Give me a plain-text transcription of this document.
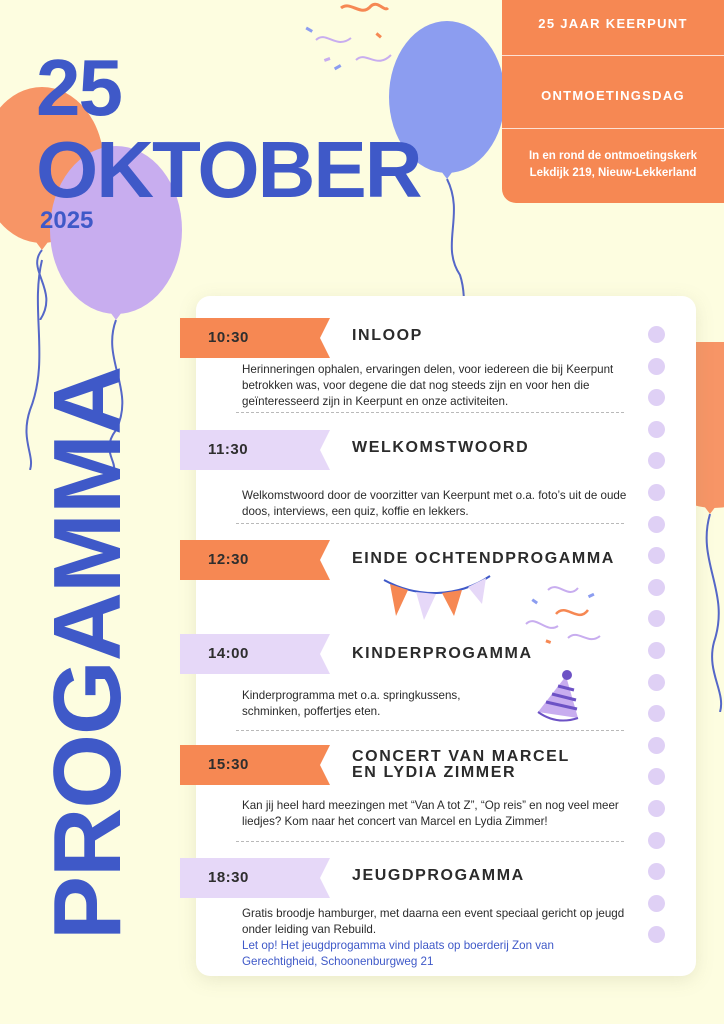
25
OKTOBER
2025
PROGAMMA
25 JAAR KEERPUNT
ONTMOETINGSDAG
In en rond de ontmoetingskerk
Lekdijk 219, Nieuw-Lekkerland
10:30	INLOOP
Herinneringen ophalen, ervaringen delen, voor iedereen die bij Keerpunt betrokken was, voor degene die dat nog steeds zijn en voor hen die geïnteresseerd zijn in Keerpunt en onze activiteiten.
11:30	WELKOMSTWOORD
Welkomstwoord door de voorzitter van Keerpunt met o.a. foto’s uit de oude doos, interviews, een quiz, koffie en lekkers.
12:30	EINDE OCHTENDPROGAMMA
14:00	KINDERPROGAMMA
Kinderprogramma met o.a. springkussens, schminken, poffertjes eten.
15:30	CONCERT VAN MARCEL
EN LYDIA ZIMMER
Kan jij heel hard meezingen met “Van A tot Z”, “Op reis” en nog veel meer liedjes? Kom naar het concert van Marcel en Lydia Zimmer!
18:30	JEUGDPROGAMMA
Gratis broodje hamburger, met daarna een event speciaal gericht op jeugd onder leiding van Rebuild.
Let op! Het jeugdprogamma vind plaats op boerderij Zon van Gerechtigheid, Schoonenburgweg 21
